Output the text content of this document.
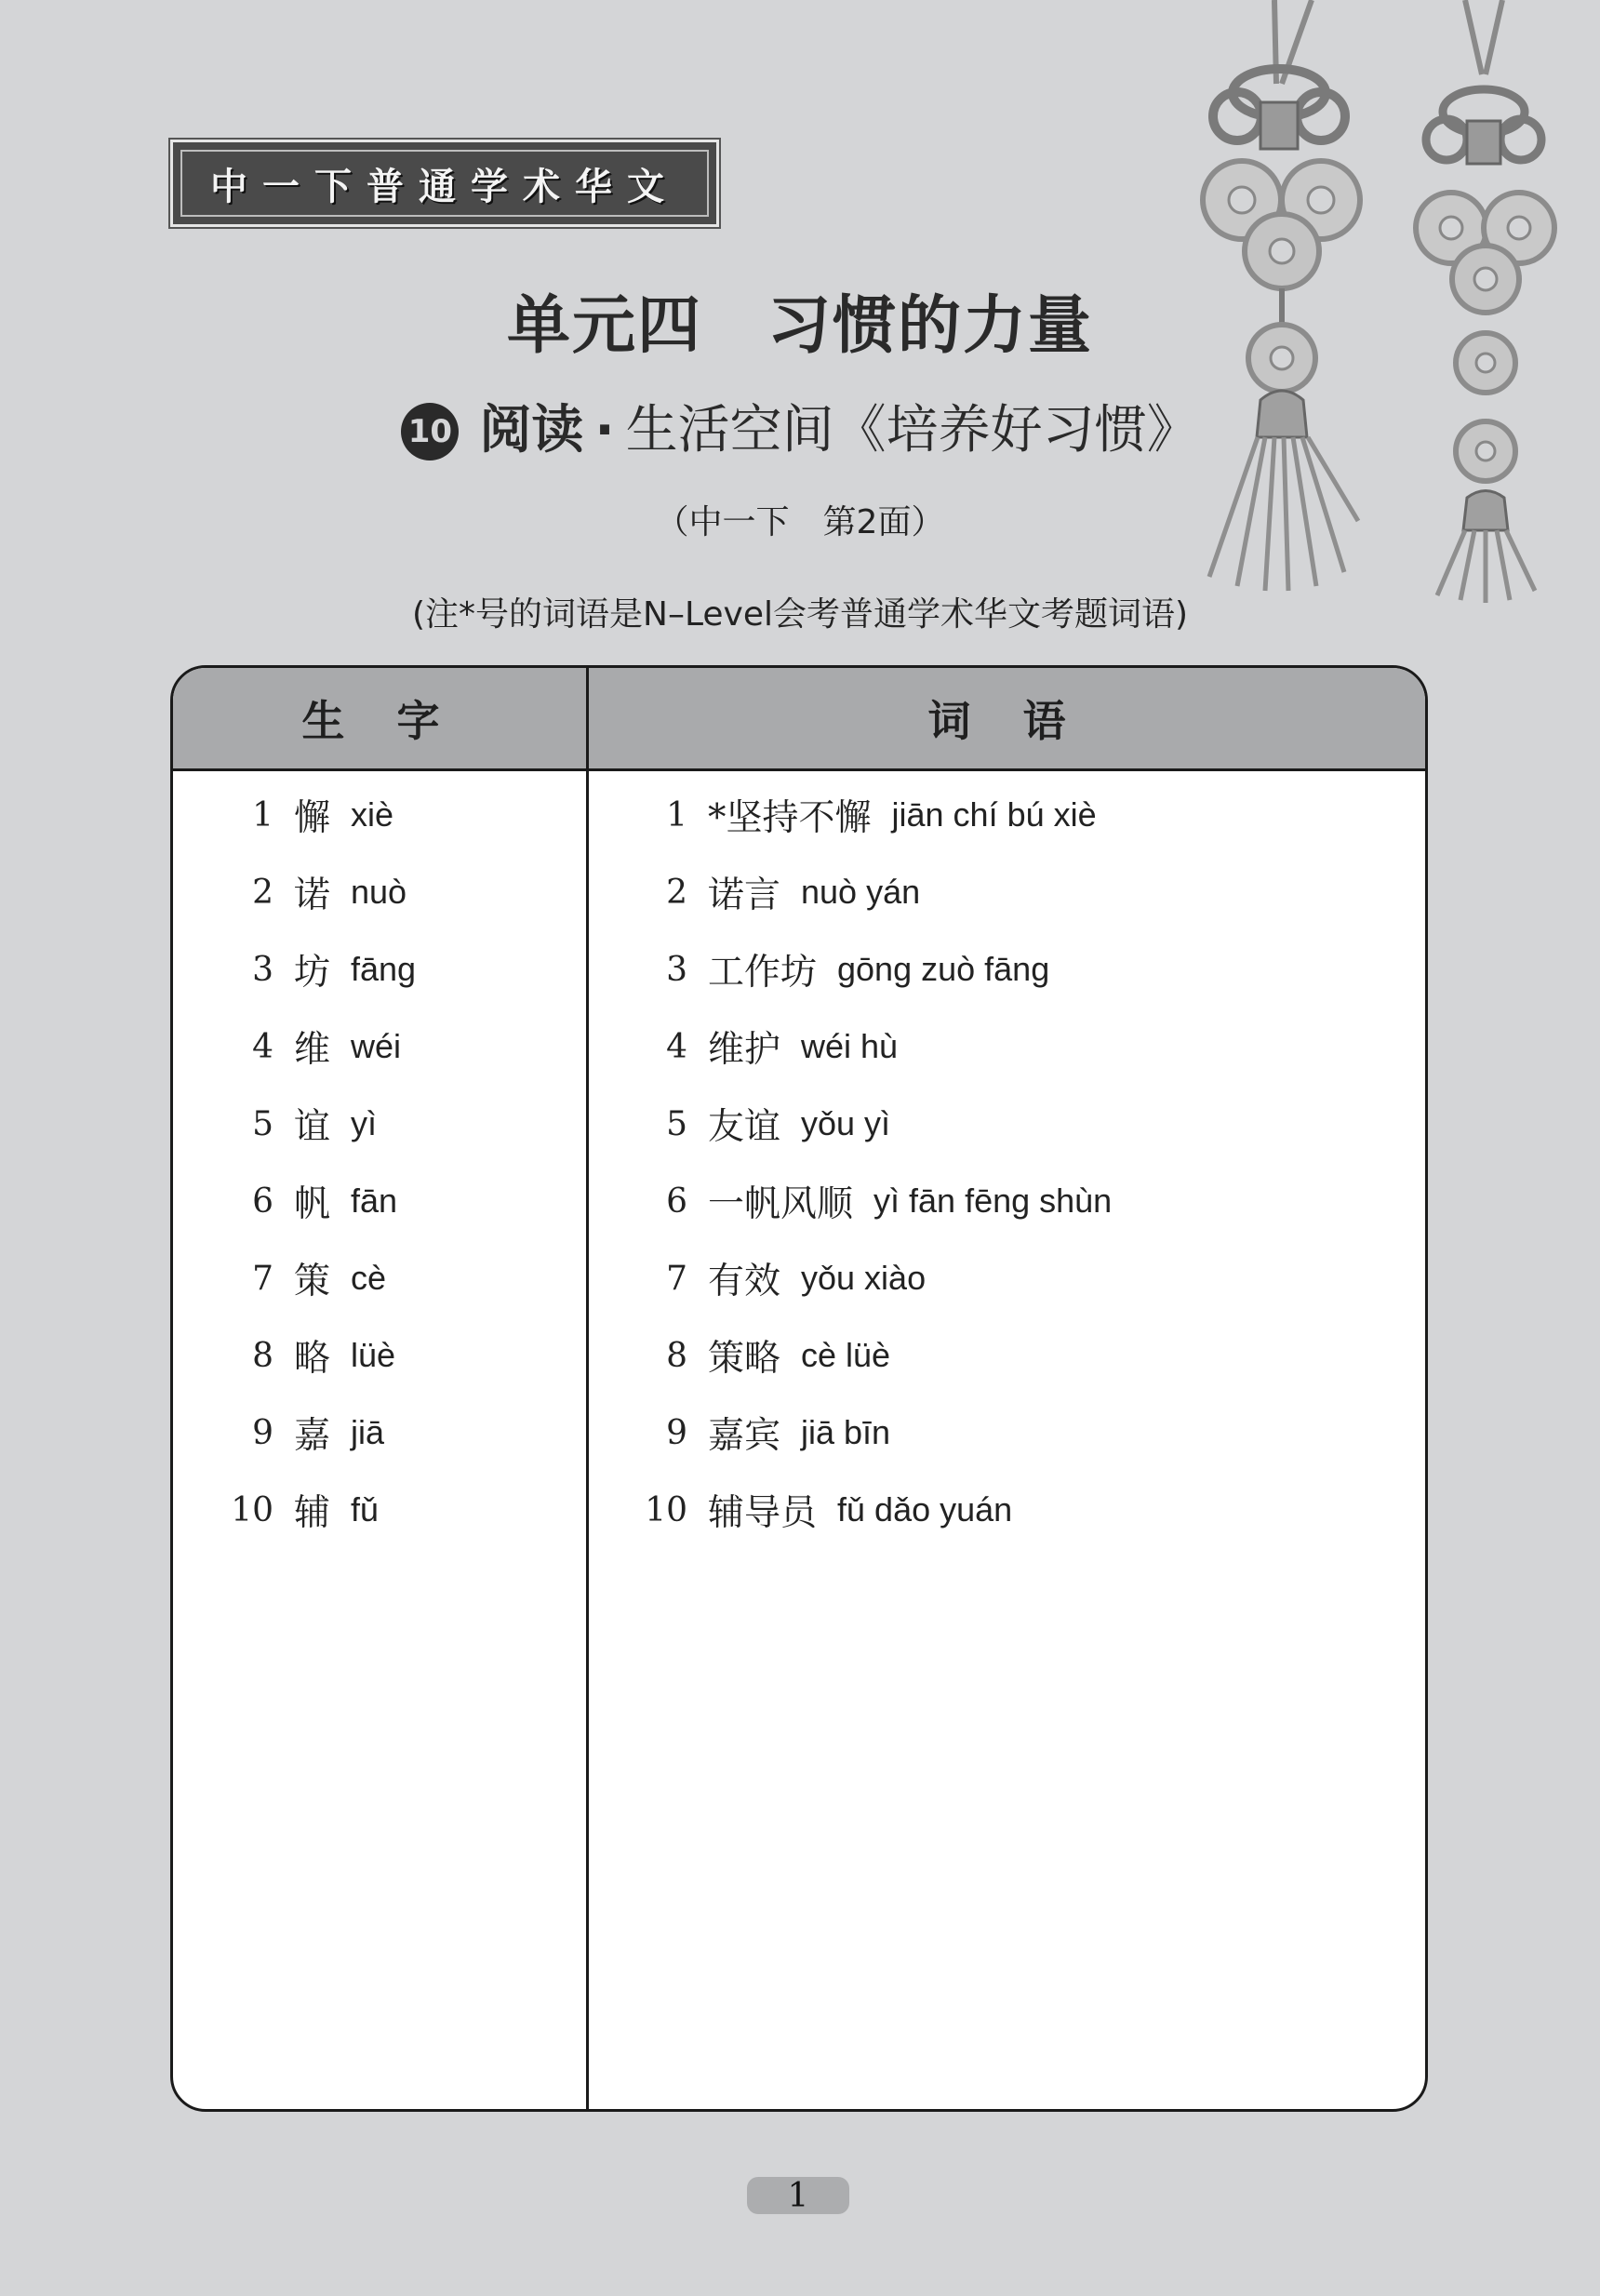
中一下普通学术华文
单元四　习惯的力量
10 阅读 · 生活空间《培养好习惯》
（中一下　第2面）
(注*号的词语是N–Level会考普通学术华文考题词语)
生 字	词 语
1 懈 xiè
2 诺 nuò
3 坊 fāng
4 维 wéi
5 谊 yì
6 帆 fān
7 策 cè
8 略 lüè
9 嘉 jiā
10 辅 fǔ
1 *坚持不懈 jiān chí bú xiè
2 诺言 nuò yán
3 工作坊 gōng zuò fāng
4 维护 wéi hù
5 友谊 yǒu yì
6 一帆风顺 yì fān fēng shùn
7 有效 yǒu xiào
8 策略 cè lüè
9 嘉宾 jiā bīn
10 辅导员 fǔ dǎo yuán
1
